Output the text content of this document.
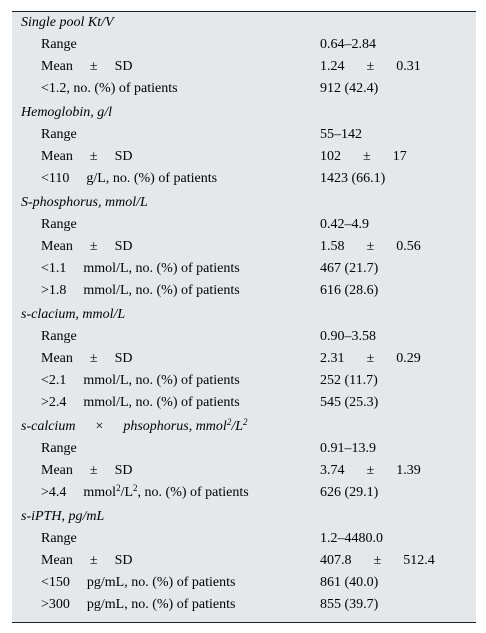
Single pool Kt/V
Range	0.64–2.84
Mean ± SD	1.24 ± 0.31
<1.2, no. (%) of patients	912 (42.4)
Hemoglobin, g/l
Range	55–142
Mean ± SD	102 ± 17
<110 g/L, no. (%) of patients	1423 (66.1)
S-phosphorus, mmol/L
Range	0.42–4.9
Mean ± SD	1.58 ± 0.56
<1.1 mmol/L, no. (%) of patients	467 (21.7)
>1.8 mmol/L, no. (%) of patients	616 (28.6)
s-clacium, mmol/L
Range	0.90–3.58
Mean ± SD	2.31 ± 0.29
<2.1 mmol/L, no. (%) of patients	252 (11.7)
>2.4 mmol/L, no. (%) of patients	545 (25.3)
s-calcium × phsophorus, $mmol^2/L^2$
Range	0.91–13.9
Mean ± SD	3.74 ± 1.39
>4.4 $mmol^2/L^2$, no. (%) of patients	626 (29.1)
s-iPTH, pg/mL
Range	1.2–4480.0
Mean ± SD	407.8 ± 512.4
<150 pg/mL, no. (%) of patients	861 (40.0)
>300 pg/mL, no. (%) of patients	855 (39.7)
